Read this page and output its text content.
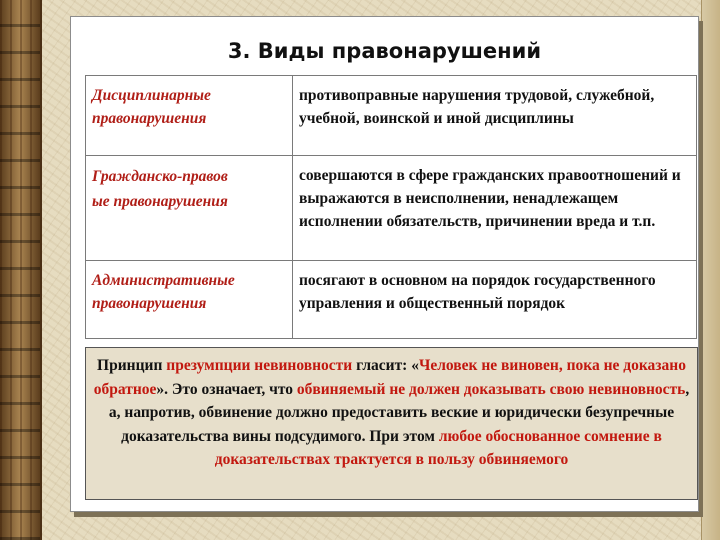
3. Виды правонарушений
Дисциплинарные
правонарушения	противоправные нарушения трудовой, служебной, учебной, воинской и иной дисциплины

Гражданско-правов
ые правонарушения	совершаются в сфере гражданских правоотношений и выражаются в неисполнении, ненадлежащем исполнении обязательств, причинении вреда и т.п.

Административные
правонарушения	посягают в основном на порядок государственного управления и общественный порядок
Принцип презумпции невиновности гласит: «Человек не виновен, пока не доказано обратное». Это означает, что обвиняемый не должен доказывать свою невиновность, а, напротив, обвинение должно предоставить веские и юридически безупречные доказательства вины подсудимого. При этом любое обоснованное сомнение в доказательствах трактуется в пользу обвиняемого
